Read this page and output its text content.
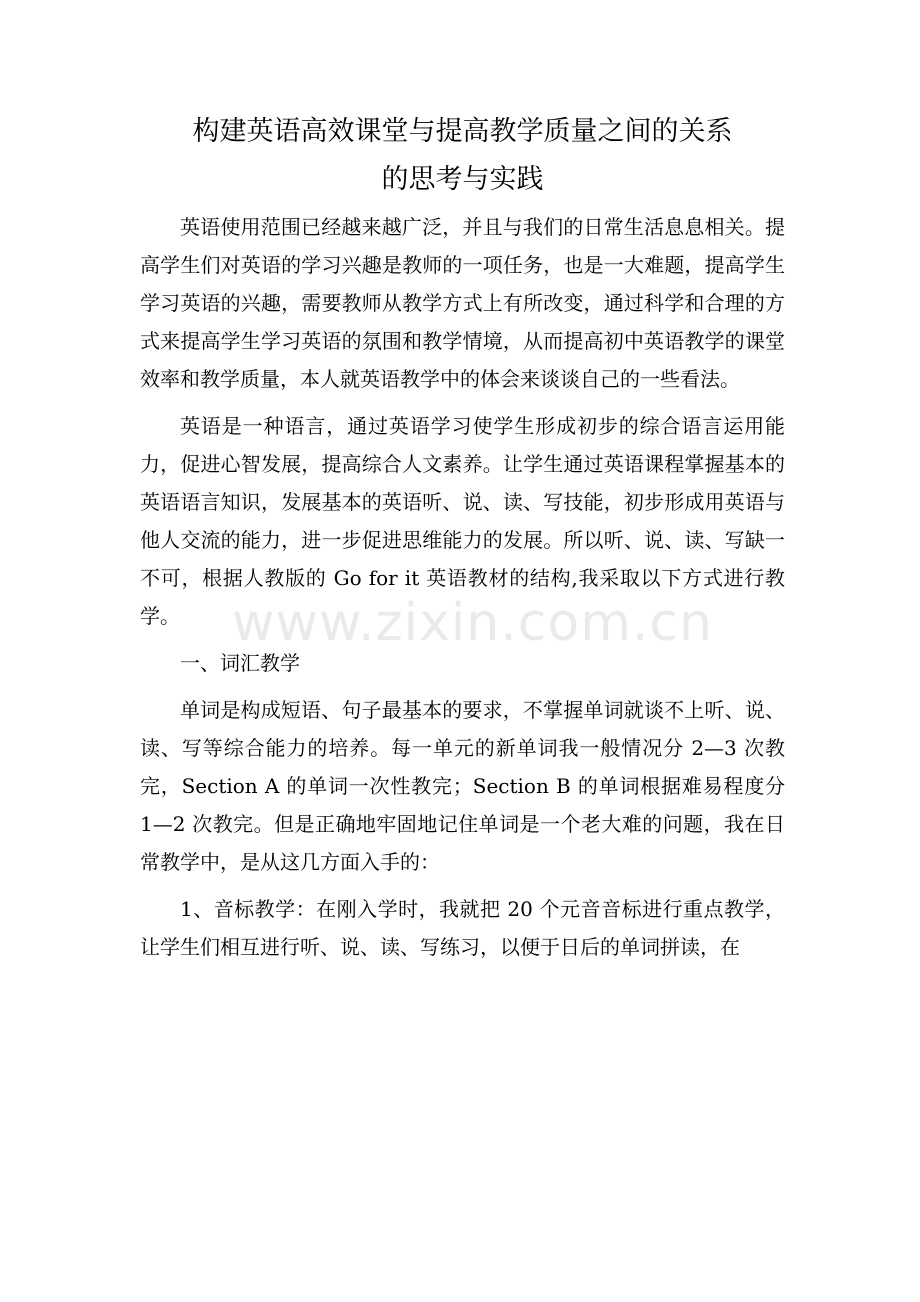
构建英语高效课堂与提高教学质量之间的关系
的思考与实践

英语使用范围已经越来越广泛，并且与我们的日常生活息息相关。提高学生们对英语的学习兴趣是教师的一项任务，也是一大难题，提高学生学习英语的兴趣，需要教师从教学方式上有所改变，通过科学和合理的方式来提高学生学习英语的氛围和教学情境，从而提高初中英语教学的课堂效率和教学质量，本人就英语教学中的体会来谈谈自己的一些看法。

英语是一种语言，通过英语学习使学生形成初步的综合语言运用能力，促进心智发展，提高综合人文素养。让学生通过英语课程掌握基本的英语语言知识，发展基本的英语听、说、读、写技能，初步形成用英语与他人交流的能力，进一步促进思维能力的发展。所以听、说、读、写缺一不可，根据人教版的 Go for it 英语教材的结构,我采取以下方式进行教学。

一、词汇教学

单词是构成短语、句子最基本的要求，不掌握单词就谈不上听、说、读、写等综合能力的培养。每一单元的新单词我一般情况分 2—3 次教完，Section A 的单词一次性教完；Section B 的单词根据难易程度分 1—2 次教完。但是正确地牢固地记住单词是一个老大难的问题，我在日常教学中，是从这几方面入手的：

1、音标教学：在刚入学时，我就把 20 个元音音标进行重点教学，让学生们相互进行听、说、读、写练习，以便于日后的单词拼读，在

www.zixin.com.cn
